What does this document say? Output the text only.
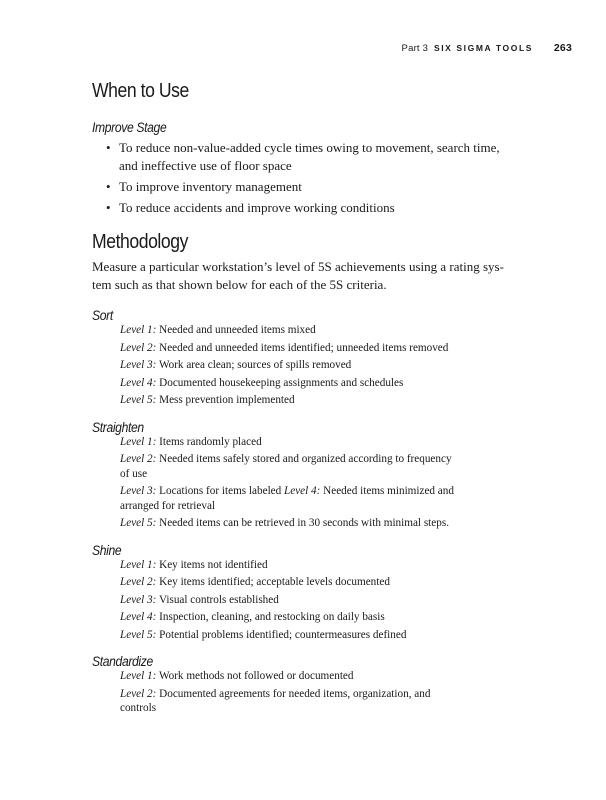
Part 3 SIX SIGMA TOOLS 263
When to Use
Improve Stage
• To reduce non-value-added cycle times owing to movement, search time,
and ineffective use of floor space
• To improve inventory management
• To reduce accidents and improve working conditions
Methodology

Measure a particular workstation’s level of 5S achievements using a rating sys-
tem such as that shown below for each of the 5S criteria.

Sort
Level 1: Needed and unneeded items mixed
Level 2: Needed and unneeded items identified; unneeded items removed
Level 3: Work area clean; sources of spills removed
Level 4: Documented housekeeping assignments and schedules
Level 5: Mess prevention implemented
Straighten
Level 1: Items randomly placed
Level 2: Needed items safely stored and organized according to frequency
of use
Level 3: Locations for items labeled Level 4: Needed items minimized and
arranged for retrieval
Level 5: Needed items can be retrieved in 30 seconds with minimal steps.
Shine
Level 1: Key items not identified
Level 2: Key items identified; acceptable levels documented
Level 3: Visual controls established
Level 4: Inspection, cleaning, and restocking on daily basis
Level 5: Potential problems identified; countermeasures defined
Standardize
Level 1: Work methods not followed or documented
Level 2: Documented agreements for needed items, organization, and
controls
